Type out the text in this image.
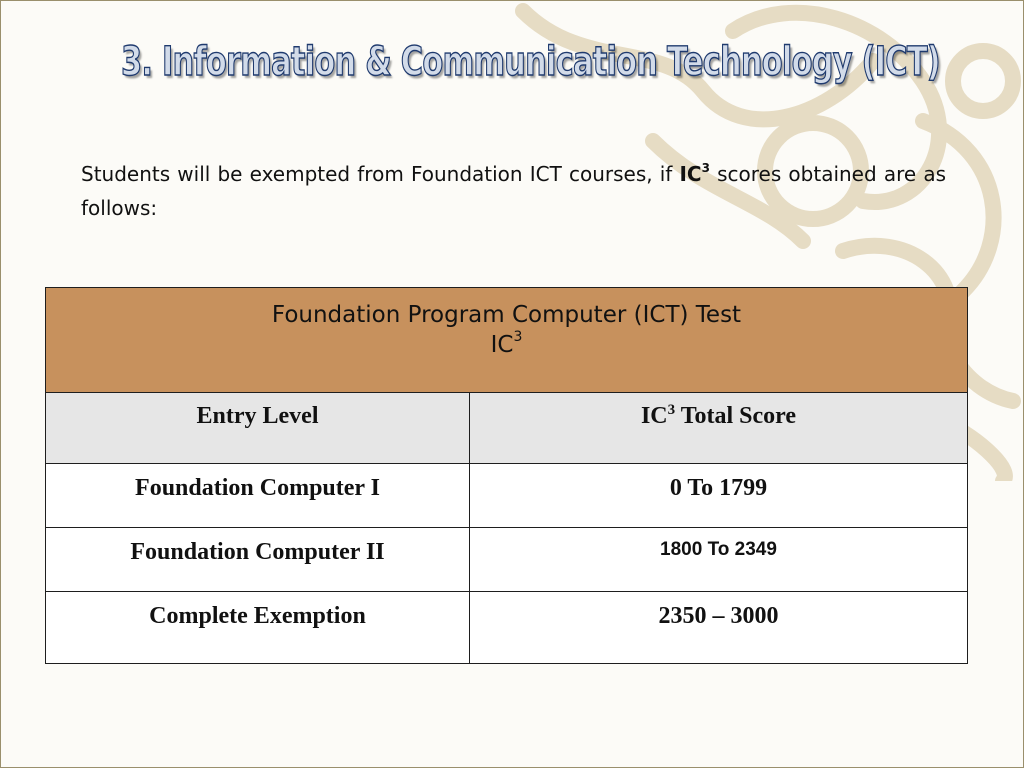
3. Information & Communication Technology (ICT)

Students will be exempted from Foundation ICT courses, if $IC^3$ scores obtained are as follows:

Foundation Program Computer (ICT) Test
$IC^3$

Entry Level	$IC^3$ Total Score
Foundation Computer I	0 To 1799
Foundation Computer II	1800 To 2349
Complete Exemption	2350 – 3000
